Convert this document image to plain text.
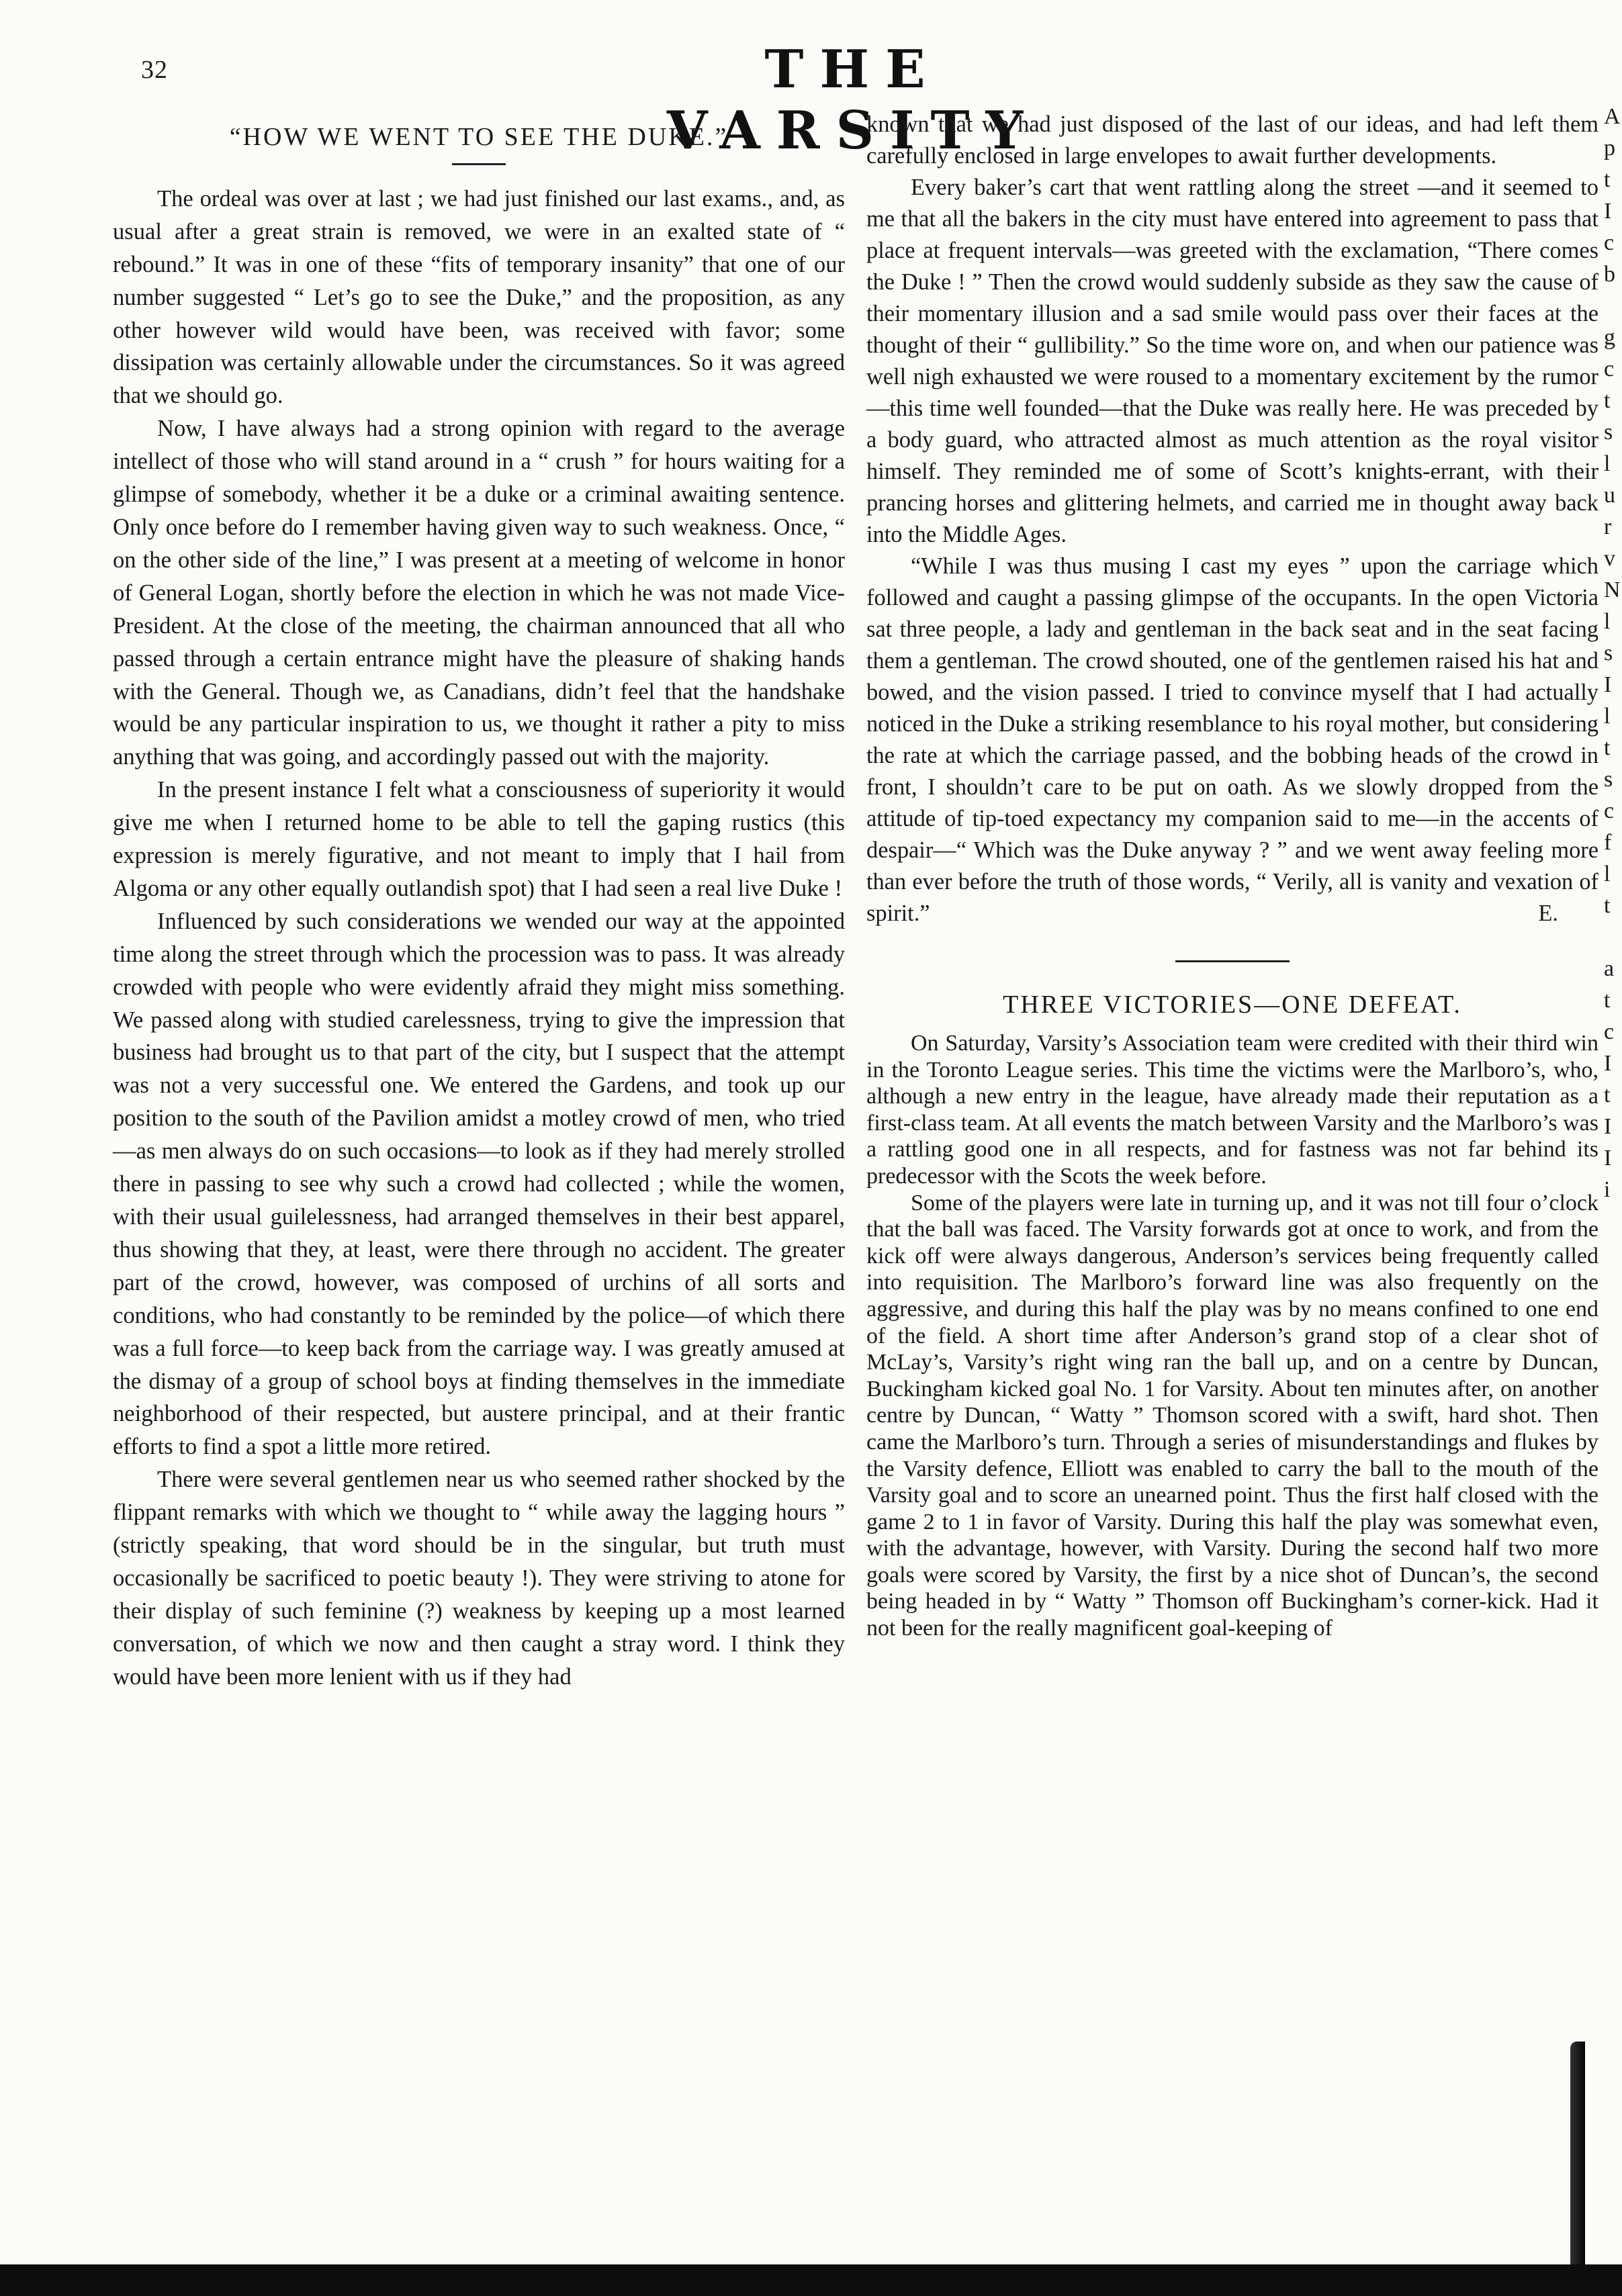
32	THE VARSITY
“HOW WE WENT TO SEE THE DUKE.”

The ordeal was over at last ; we had just finished our last exams., and, as usual after a great strain is removed, we were in an exalted state of “ rebound.” It was in one of these “fits of temporary insanity” that one of our number suggested “ Let’s go to see the Duke,” and the proposition, as any other however wild would have been, was received with favor; some dissipation was certainly allowable under the circumstances. So it was agreed that we should go.

Now, I have always had a strong opinion with regard to the average intellect of those who will stand around in a “ crush ” for hours waiting for a glimpse of somebody, whether it be a duke or a criminal awaiting sentence. Only once before do I remember having given way to such weakness. Once, “ on the other side of the line,” I was present at a meeting of welcome in honor of General Logan, shortly before the election in which he was not made Vice-President. At the close of the meeting, the chairman announced that all who passed through a certain entrance might have the pleasure of shaking hands with the General. Though we, as Canadians, didn’t feel that the handshake would be any particular inspiration to us, we thought it rather a pity to miss anything that was going, and accordingly passed out with the majority.

In the present instance I felt what a consciousness of superiority it would give me when I returned home to be able to tell the gaping rustics (this expression is merely figurative, and not meant to imply that I hail from Algoma or any other equally outlandish spot) that I had seen a real live Duke !

Influenced by such considerations we wended our way at the appointed time along the street through which the procession was to pass. It was already crowded with people who were evidently afraid they might miss something. We passed along with studied carelessness, trying to give the impression that business had brought us to that part of the city, but I suspect that the attempt was not a very successful one. We entered the Gardens, and took up our position to the south of the Pavilion amidst a motley crowd of men, who tried—as men always do on such occasions—to look as if they had merely strolled there in passing to see why such a crowd had collected ; while the women, with their usual guilelessness, had arranged themselves in their best apparel, thus showing that they, at least, were there through no accident. The greater part of the crowd, however, was composed of urchins of all sorts and conditions, who had constantly to be reminded by the police—of which there was a full force—to keep back from the carriage way. I was greatly amused at the dismay of a group of school boys at finding themselves in the immediate neighborhood of their respected, but austere principal, and at their frantic efforts to find a spot a little more retired.

There were several gentlemen near us who seemed rather shocked by the flippant remarks with which we thought to “ while away the lagging hours ” (strictly speaking, that word should be in the singular, but truth must occasionally be sacrificed to poetic beauty !). They were striving to atone for their display of such feminine (?) weakness by keeping up a most learned conversation, of which we now and then caught a stray word. I think they would have been more lenient with us if they had

known that we had just disposed of the last of our ideas, and had left them carefully enclosed in large envelopes to await further developments.

Every baker’s cart that went rattling along the street —and it seemed to me that all the bakers in the city must have entered into agreement to pass that place at frequent intervals—was greeted with the exclamation, “There comes the Duke ! ” Then the crowd would suddenly subside as they saw the cause of their momentary illusion and a sad smile would pass over their faces at the thought of their “ gullibility.” So the time wore on, and when our patience was well nigh exhausted we were roused to a momentary excitement by the rumor—this time well founded—that the Duke was really here. He was preceded by a body guard, who attracted almost as much attention as the royal visitor himself. They reminded me of some of Scott’s knights-errant, with their prancing horses and glittering helmets, and carried me in thought away back into the Middle Ages.

“While I was thus musing I cast my eyes ” upon the carriage which followed and caught a passing glimpse of the occupants. In the open Victoria sat three people, a lady and gentleman in the back seat and in the seat facing them a gentleman. The crowd shouted, one of the gentlemen raised his hat and bowed, and the vision passed. I tried to convince myself that I had actually noticed in the Duke a striking resemblance to his royal mother, but considering the rate at which the carriage passed, and the bobbing heads of the crowd in front, I shouldn’t care to be put on oath. As we slowly dropped from the attitude of tip-toed expectancy my companion said to me—in the accents of despair—“ Which was the Duke anyway ? ” and we went away feeling more than ever before the truth of those words, “ Verily, all is vanity and vexation of spirit.”	E.

THREE VICTORIES—ONE DEFEAT.

On Saturday, Varsity’s Association team were credited with their third win in the Toronto League series. This time the victims were the Marlboro’s, who, although a new entry in the league, have already made their reputation as a first-class team. At all events the match between Varsity and the Marlboro’s was a rattling good one in all respects, and for fastness was not far behind its predecessor with the Scots the week before.

Some of the players were late in turning up, and it was not till four o’clock that the ball was faced. The Varsity forwards got at once to work, and from the kick off were always dangerous, Anderson’s services being frequently called into requisition. The Marlboro’s forward line was also frequently on the aggressive, and during this half the play was by no means confined to one end of the field. A short time after Anderson’s grand stop of a clear shot of McLay’s, Varsity’s right wing ran the ball up, and on a centre by Duncan, Buckingham kicked goal No. 1 for Varsity. About ten minutes after, on another centre by Duncan, “ Watty ” Thomson scored with a swift, hard shot. Then came the Marlboro’s turn. Through a series of misunderstandings and flukes by the Varsity defence, Elliott was enabled to carry the ball to the mouth of the Varsity goal and to score an unearned point. Thus the first half closed with the game 2 to 1 in favor of Varsity. During this half the play was somewhat even, with the advantage, however, with Varsity. During the second half two more goals were scored by Varsity, the first by a nice shot of Duncan’s, the second being headed in by “ Watty ” Thomson off Buckingham’s corner-kick. Had it not been for the really magnificent goal-keeping of

A
p
t
I
c
b
g
c
t
s
l
u
r
v
N
l
s
I
l
t
s
c
f
l
t
a
t
c
I
t
I
I
i
